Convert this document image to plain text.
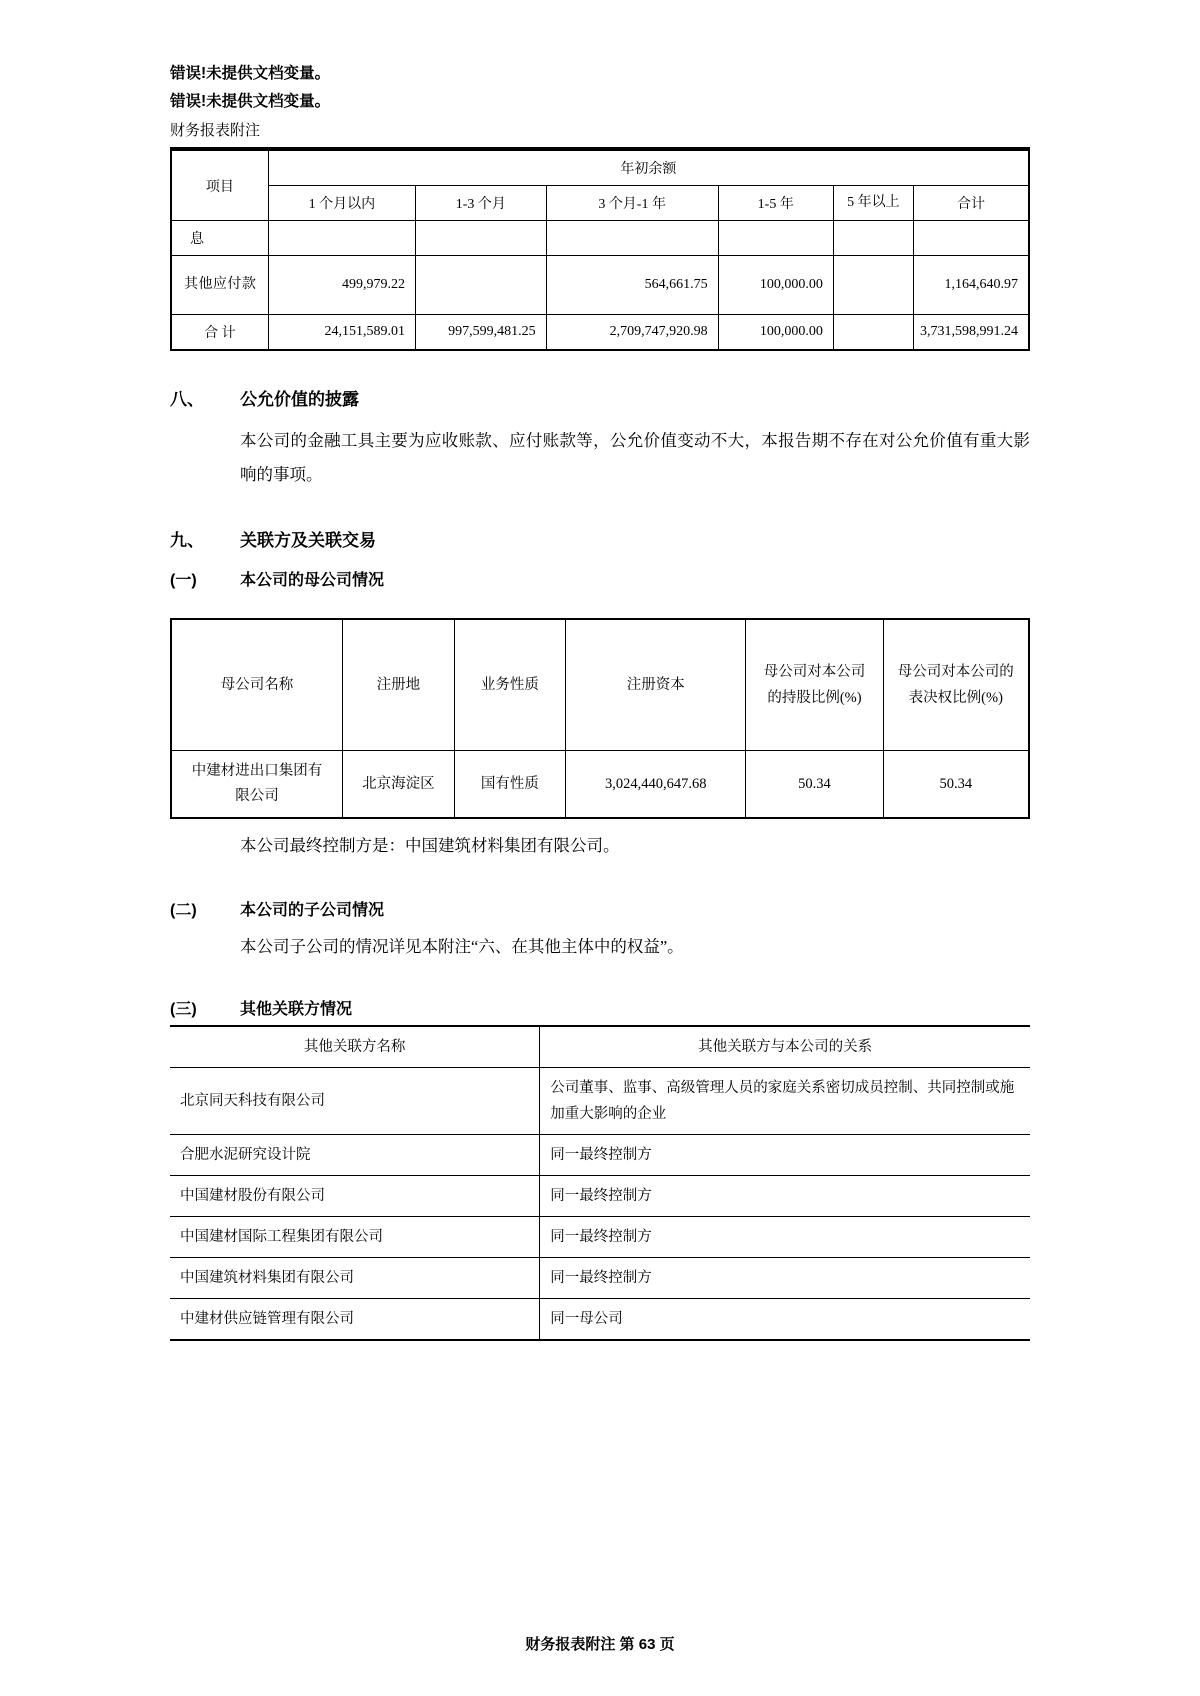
错误!未提供文档变量。
错误!未提供文档变量。
财务报表附注
项目	年初余额					
	1 个月以内	1-3 个月	3 个月-1 年	1-5 年	5 年以上	合计
息						
其他应付款	499,979.22		564,661.75	100,000.00		1,164,640.97
合 计	24,151,589.01	997,599,481.25	2,709,747,920.98	100,000.00		3,731,598,991.24
八、	公允价值的披露
本公司的金融工具主要为应收账款、应付账款等，公允价值变动不大，本报告期不存在对公允价值有重大影响的事项。
九、	关联方及关联交易
(一)	本公司的母公司情况
母公司名称	注册地	业务性质	注册资本	母公司对本公司的持股比例(%)	母公司对本公司的表决权比例(%)
中建材进出口集团有限公司	北京海淀区	国有性质	3,024,440,647.68	50.34	50.34
本公司最终控制方是：中国建筑材料集团有限公司。
(二)	本公司的子公司情况
本公司子公司的情况详见本附注“六、在其他主体中的权益”。
(三)	其他关联方情况
其他关联方名称	其他关联方与本公司的关系
北京同天科技有限公司	公司董事、监事、高级管理人员的家庭关系密切成员控制、共同控制或施加重大影响的企业
合肥水泥研究设计院	同一最终控制方
中国建材股份有限公司	同一最终控制方
中国建材国际工程集团有限公司	同一最终控制方
中国建筑材料集团有限公司	同一最终控制方
中建材供应链管理有限公司	同一母公司
财务报表附注 第 63 页
